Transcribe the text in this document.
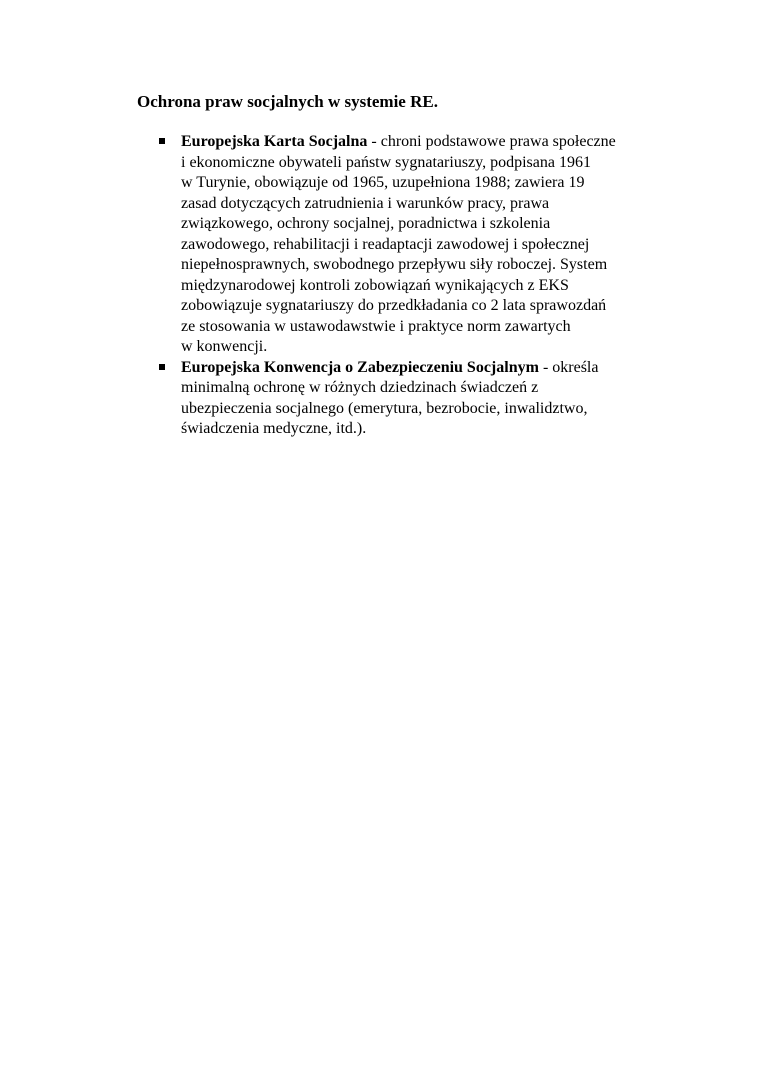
Ochrona praw socjalnych w systemie RE.
Europejska Karta Socjalna - chroni podstawowe prawa społeczne
i ekonomiczne obywateli państw sygnatariuszy, podpisana 1961
w Turynie, obowiązuje od 1965, uzupełniona 1988; zawiera 19
zasad dotyczących zatrudnienia i warunków pracy, prawa
związkowego, ochrony socjalnej, poradnictwa i szkolenia
zawodowego, rehabilitacji i readaptacji zawodowej i społecznej
niepełnosprawnych, swobodnego przepływu siły roboczej. System
międzynarodowej kontroli zobowiązań wynikających z EKS
zobowiązuje sygnatariuszy do przedkładania co 2 lata sprawozdań
ze stosowania w ustawodawstwie i praktyce norm zawartych
w konwencji.
Europejska Konwencja o Zabezpieczeniu Socjalnym - określa
minimalną ochronę w różnych dziedzinach świadczeń z
ubezpieczenia socjalnego (emerytura, bezrobocie, inwalidztwo,
świadczenia medyczne, itd.).
